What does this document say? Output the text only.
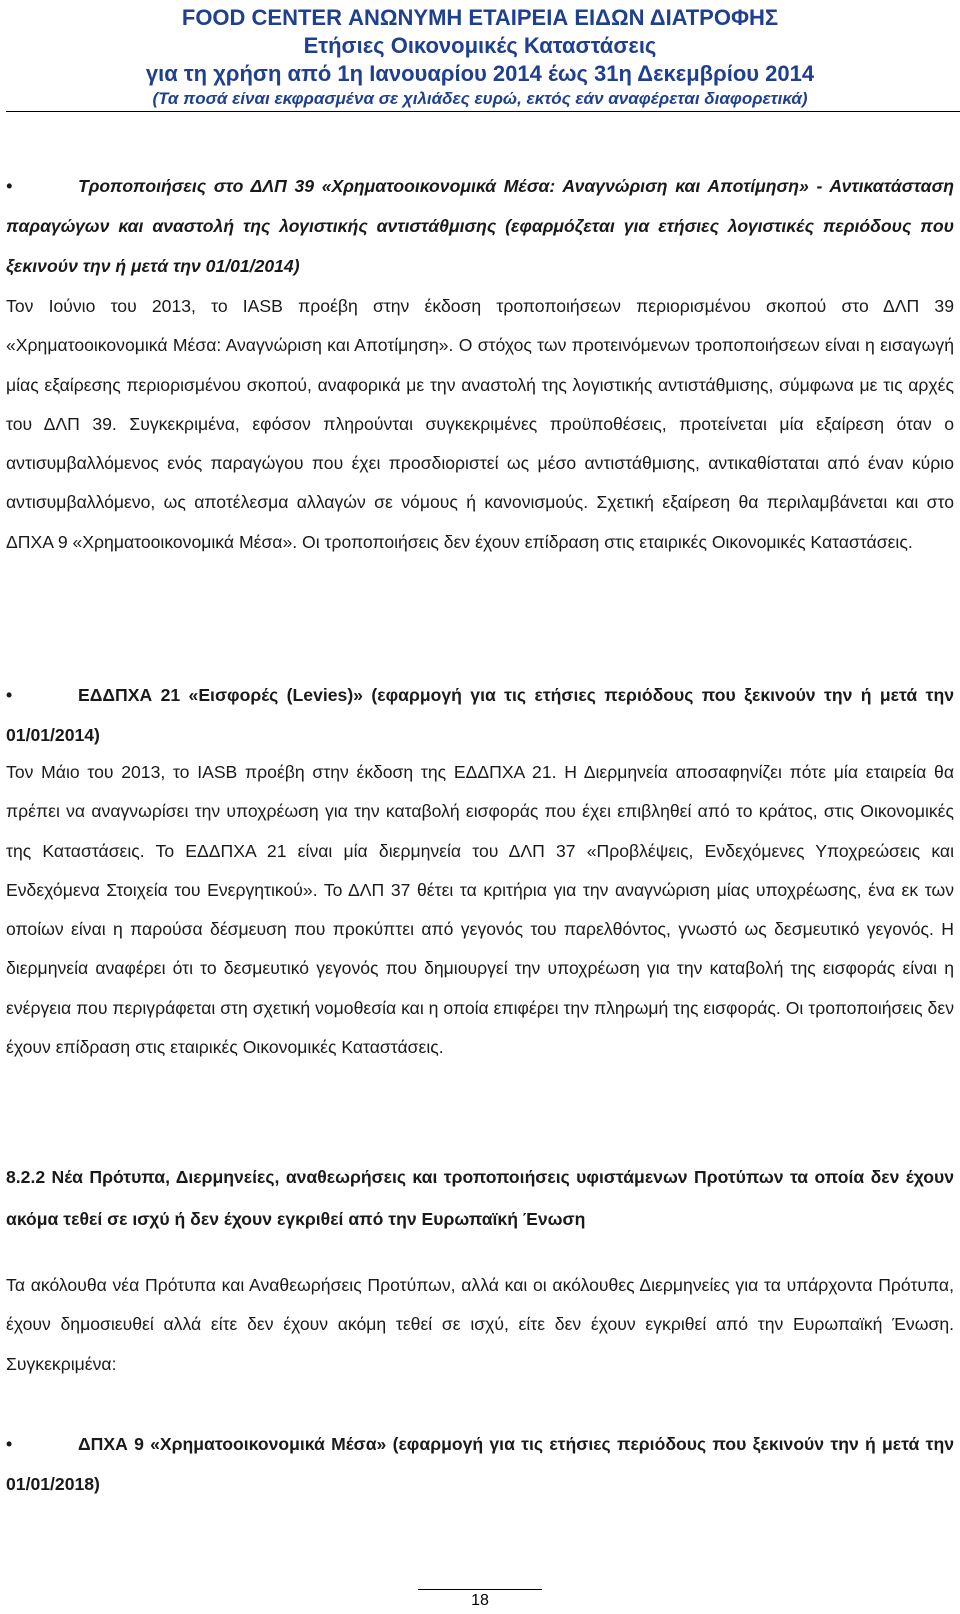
FOOD CENTER ΑΝΩΝΥΜΗ ΕΤΑΙΡΕΙΑ ΕΙΔΩΝ ΔΙΑΤΡΟΦΗΣ
Ετήσιες Οικονομικές Καταστάσεις
για τη χρήση από 1η Ιανουαρίου 2014 έως 31η Δεκεμβρίου 2014
(Τα ποσά είναι εκφρασμένα σε χιλιάδες ευρώ, εκτός εάν αναφέρεται διαφορετικά)
•	Τροποποιήσεις στο ΔΛΠ 39 «Χρηματοοικονομικά Μέσα: Αναγνώριση και Αποτίμηση» - Αντικατάσταση παραγώγων και αναστολή της λογιστικής αντιστάθμισης (εφαρμόζεται για ετήσιες λογιστικές περιόδους που ξεκινούν την ή μετά την 01/01/2014)
Τον Ιούνιο του 2013, το IASB προέβη στην έκδοση τροποποιήσεων περιορισμένου σκοπού στο ΔΛΠ 39 «Χρηματοοικονομικά Μέσα: Αναγνώριση και Αποτίμηση». Ο στόχος των προτεινόμενων τροποποιήσεων είναι η εισαγωγή μίας εξαίρεσης περιορισμένου σκοπού, αναφορικά με την αναστολή της λογιστικής αντιστάθμισης, σύμφωνα με τις αρχές του ΔΛΠ 39. Συγκεκριμένα, εφόσον πληρούνται συγκεκριμένες προϋποθέσεις, προτείνεται μία εξαίρεση όταν ο αντισυμβαλλόμενος ενός παραγώγου που έχει προσδιοριστεί ως μέσο αντιστάθμισης, αντικαθίσταται από έναν κύριο αντισυμβαλλόμενο, ως αποτέλεσμα αλλαγών σε νόμους ή κανονισμούς. Σχετική εξαίρεση θα περιλαμβάνεται και στο ΔΠΧΑ 9 «Χρηματοοικονομικά Μέσα». Οι τροποποιήσεις δεν έχουν επίδραση στις εταιρικές Οικονομικές Καταστάσεις.
•	ΕΔΔΠΧΑ 21 «Εισφορές (Levies)» (εφαρμογή για τις ετήσιες περιόδους που ξεκινούν την ή μετά την 01/01/2014)
Τον Μάιο του 2013, το IASB προέβη στην έκδοση της ΕΔΔΠΧΑ 21. Η Διερμηνεία αποσαφηνίζει πότε μία εταιρεία θα πρέπει να αναγνωρίσει την υποχρέωση για την καταβολή εισφοράς που έχει επιβληθεί από το κράτος, στις Οικονομικές της Καταστάσεις. Το ΕΔΔΠΧΑ 21 είναι μία διερμηνεία του ΔΛΠ 37 «Προβλέψεις, Ενδεχόμενες Υποχρεώσεις και Ενδεχόμενα Στοιχεία του Ενεργητικού». Το ΔΛΠ 37 θέτει τα κριτήρια για την αναγνώριση μίας υποχρέωσης, ένα εκ των οποίων είναι η παρούσα δέσμευση που προκύπτει από γεγονός του παρελθόντος, γνωστό ως δεσμευτικό γεγονός. Η διερμηνεία αναφέρει ότι το δεσμευτικό γεγονός που δημιουργεί την υποχρέωση για την καταβολή της εισφοράς είναι η ενέργεια που περιγράφεται στη σχετική νομοθεσία και η οποία επιφέρει την πληρωμή της εισφοράς. Οι τροποποιήσεις δεν έχουν επίδραση στις εταιρικές Οικονομικές Καταστάσεις.
8.2.2 Νέα Πρότυπα, Διερμηνείες, αναθεωρήσεις και τροποποιήσεις υφιστάμενων Προτύπων τα οποία δεν έχουν ακόμα τεθεί σε ισχύ ή δεν έχουν εγκριθεί από την Ευρωπαϊκή Ένωση
Τα ακόλουθα νέα Πρότυπα και Αναθεωρήσεις Προτύπων, αλλά και οι ακόλουθες Διερμηνείες για τα υπάρχοντα Πρότυπα, έχουν δημοσιευθεί αλλά είτε δεν έχουν ακόμη τεθεί σε ισχύ, είτε δεν έχουν εγκριθεί από την Ευρωπαϊκή Ένωση. Συγκεκριμένα:
•	ΔΠΧΑ 9 «Χρηματοοικονομικά Μέσα» (εφαρμογή για τις ετήσιες περιόδους που ξεκινούν την ή μετά την 01/01/2018)
18
